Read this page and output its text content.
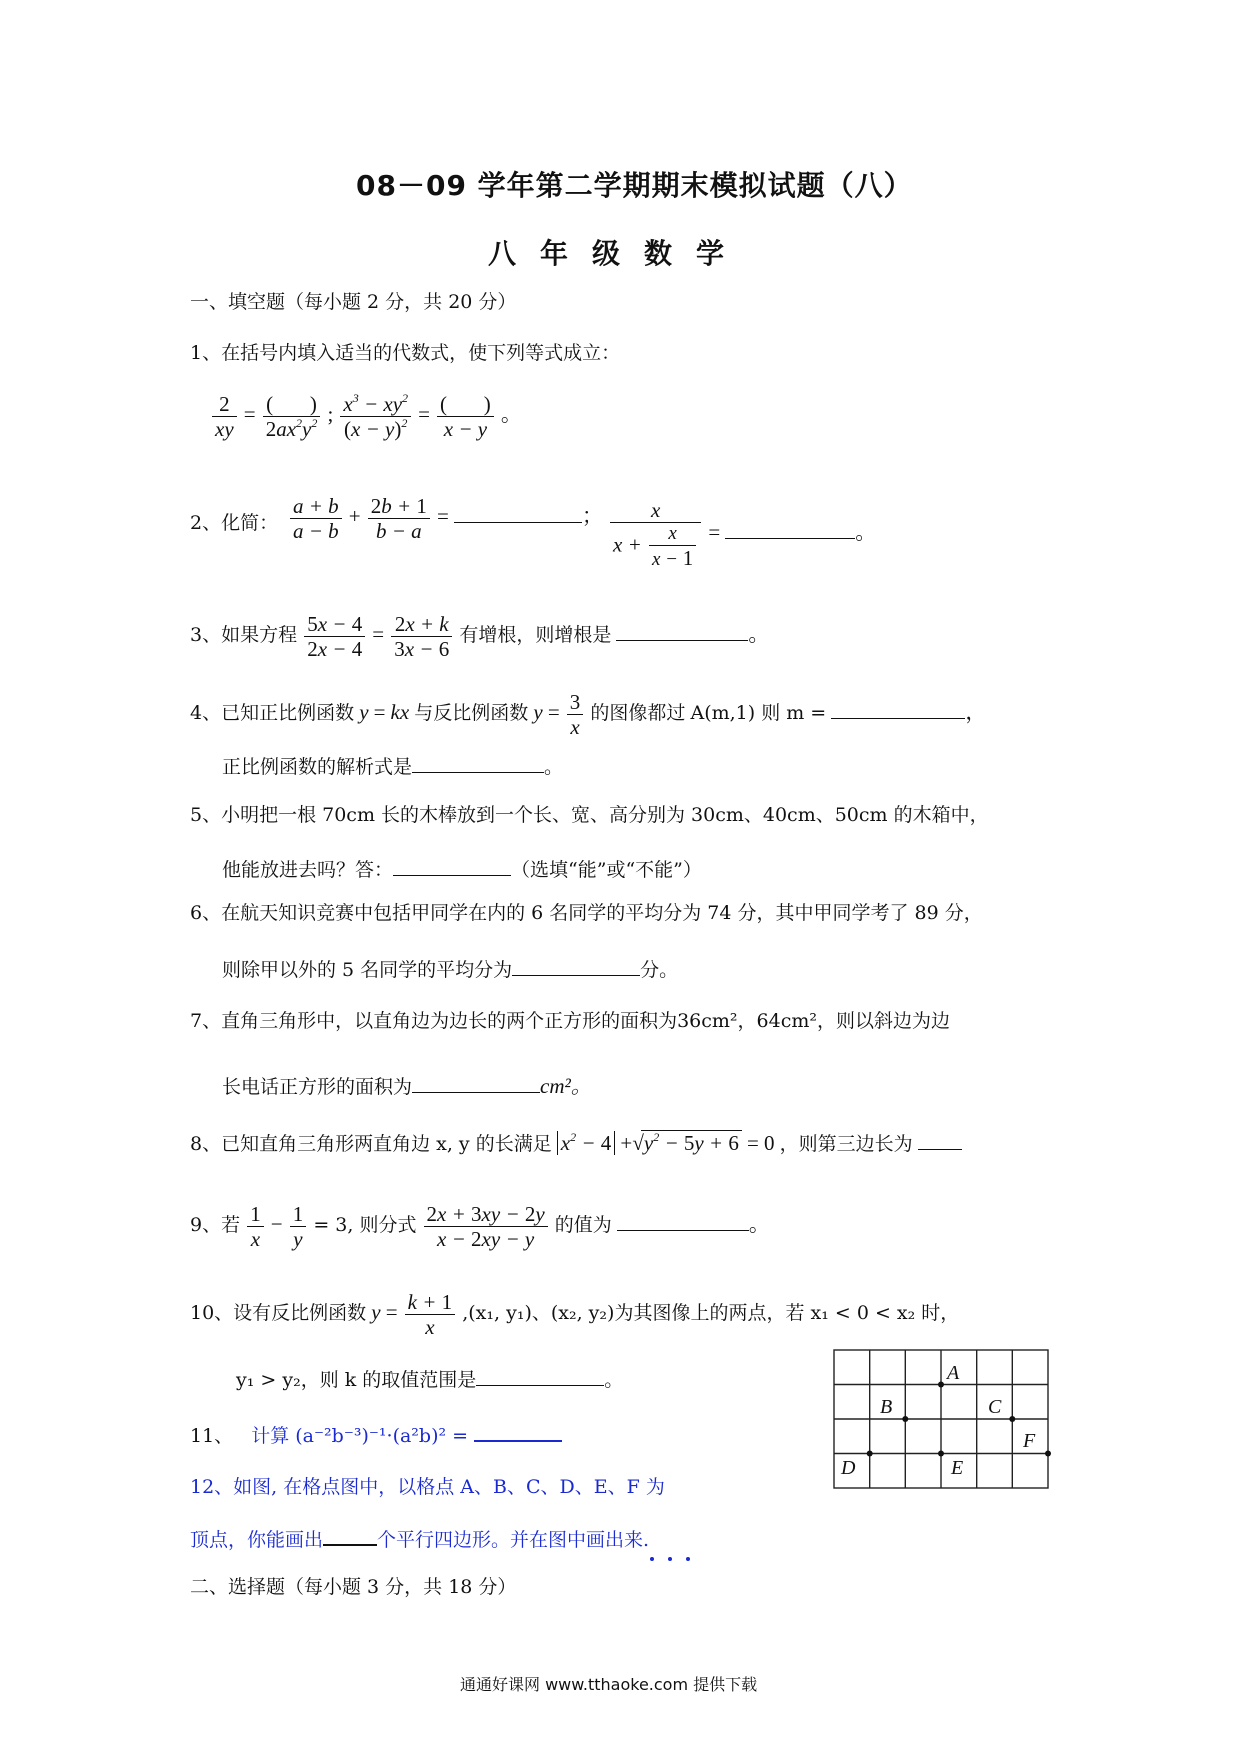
08－09 学年第二学期期末模拟试题（八）
八年级数学
一、填空题（每小题 2 分，共 20 分）
1、在括号内填入适当的代数式，使下列等式成立：
$\frac{2}{xy} = \frac{( )}{2ax^2y^2}$ ; $\frac{x^3 - xy^2}{(x - y)^2} = \frac{( )}{x - y}$ 。
2、化简： $\frac{a + b}{a - b} + \frac{2b + 1}{b - a}$ =	； $\frac{x}{x + \frac{x}{x - 1}}$ =	。
3、如果方程 $\frac{5x - 4}{2x - 4} = \frac{2x + k}{3x - 6}$ 有增根，则增根是	。
4、已知正比例函数 y = kx 与反比例函数 $y = \frac{3}{x}$ 的图像都过 A(m,1) 则 m =	，
正比例函数的解析式是	。
5、小明把一根 70cm 长的木棒放到一个长、宽、高分别为 30cm、40cm、50cm 的木箱中，
他能放进去吗？答：	（选填“能”或“不能”）
6、在航天知识竞赛中包括甲同学在内的 6 名同学的平均分为 74 分，其中甲同学考了 89 分，
则除甲以外的 5 名同学的平均分为	分。
7、直角三角形中，以直角边为边长的两个正方形的面积为36cm²，64cm²，则以斜边为边
长电话正方形的面积为	cm²。
8、已知直角三角形两直角边 x, y 的长满足 $x^2 - 4 + √y^2 - 5y + 6 = 0$ ，则第三边长为
9、若 $\frac{1}{x} - \frac{1}{y} = 3$, 则分式 $\frac{2x + 3xy - 2y}{x - 2xy - y}$ 的值为	。
10、设有反比例函数 $y = \frac{k + 1}{x} ,(x_1$, y₁)、(x₂, y₂)为其图像上的两点，若 x₁ < 0 < x₂ 时，
y₁ > y₂，则 k 的取值范围是	。
11、 计算 (a⁻²b⁻³)⁻¹·(a²b)² =
12、如图, 在格点图中，以格点 A、B、C、D、E、F 为
顶点，你能画出	个平行四边形。并在图中画出来.
A
B	C
D	E
F
二、选择题（每小题 3 分，共 18 分）
通通好课网 www.tthaoke.com 提供下载
